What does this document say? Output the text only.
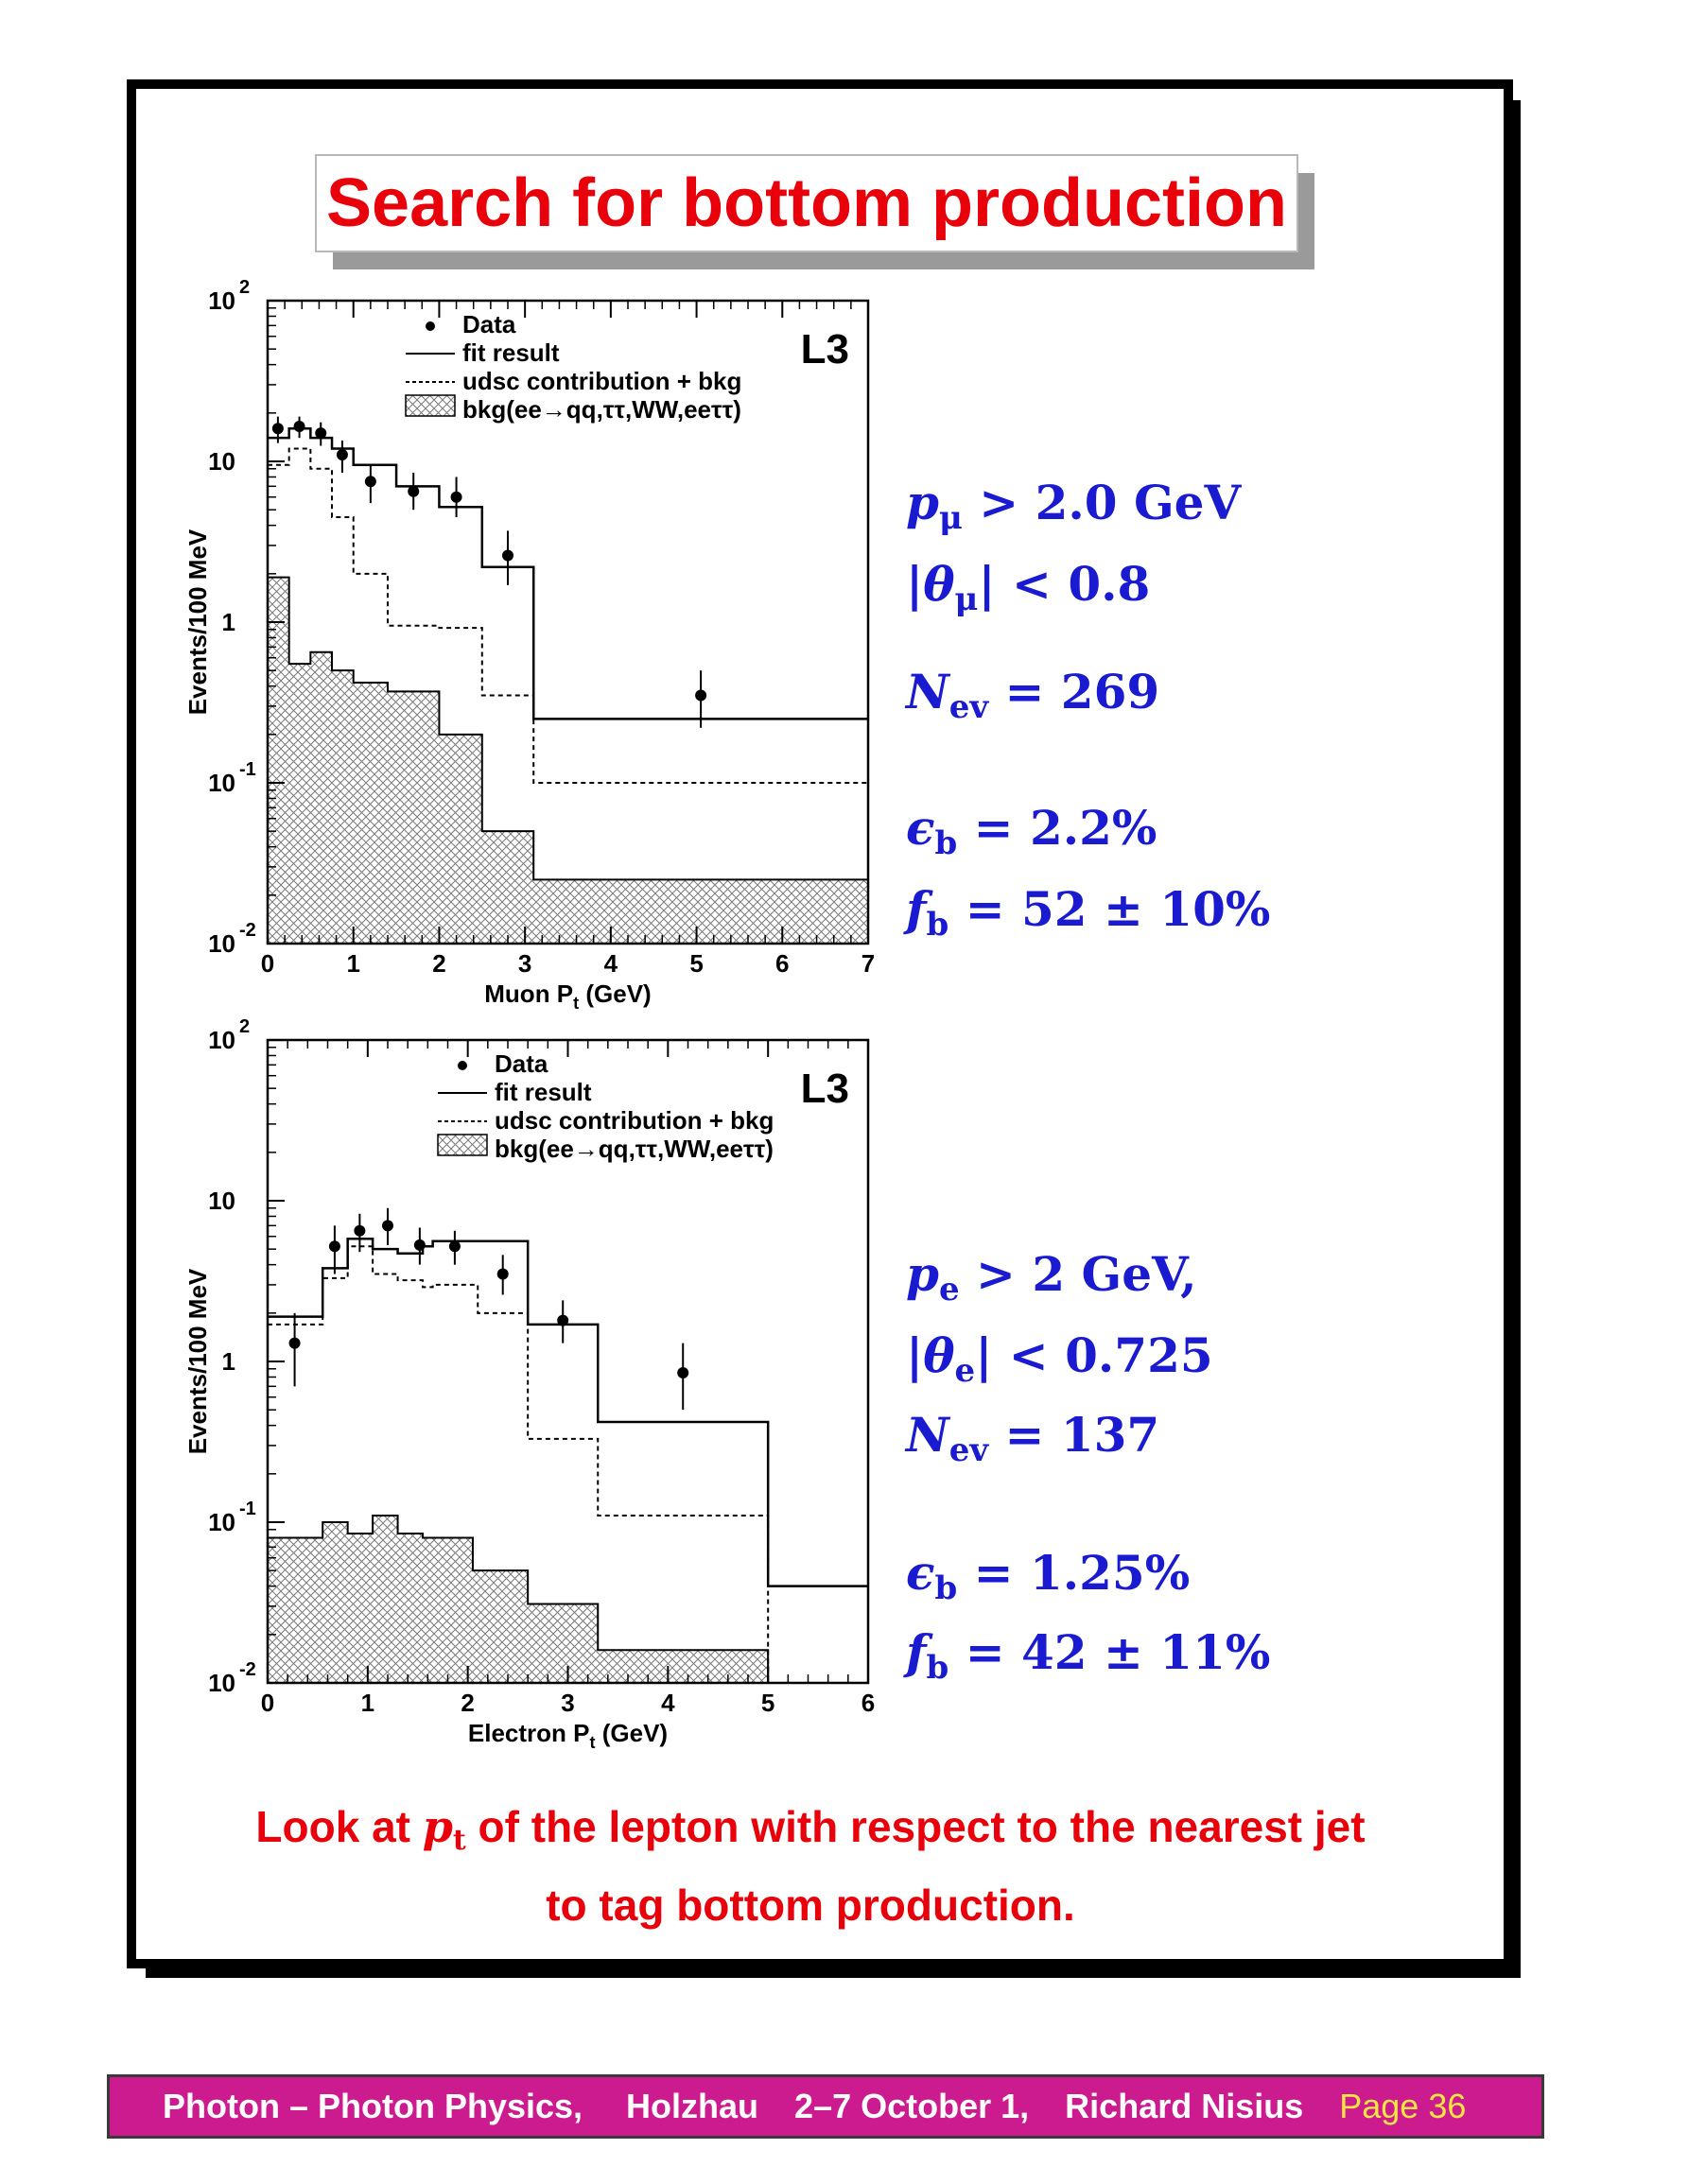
Search for bottom production
0	1	2	3	4	5	6	7
10 2
10
1
10 -1
10 -2
Muon $P_t$ (GeV)
Events/100 MeV
L3
Data
fit result
udsc contribution + bkg
bkg(ee→qq,ττ,WW,eeττ)
0	1	2	3	4	5	6
10 2
10
1
10 -1
10 -2
Electron $P_t$ (GeV)
Events/100 MeV
L3
Data
fit result
udsc contribution + bkg
bkg(ee→qq,ττ,WW,eeττ)
$p_\mu > 2.0$ GeV
$|\theta_\mu| < 0.8$
$N_{ev} = 269$
$\epsilon_b = 2.2\%$
$f_b = 52 \pm 10\%$
$p_e > 2$ GeV,
$|\theta_e| < 0.725$
$N_{ev} = 137$
$\epsilon_b = 1.25\%$
$f_b = 42 \pm 11\%$
Look at $p_t$ of the lepton with respect to the nearest jet
to tag bottom production.
Photon – Photon Physics, Holzhau 2–7 October 1, Richard Nisius Page 36
